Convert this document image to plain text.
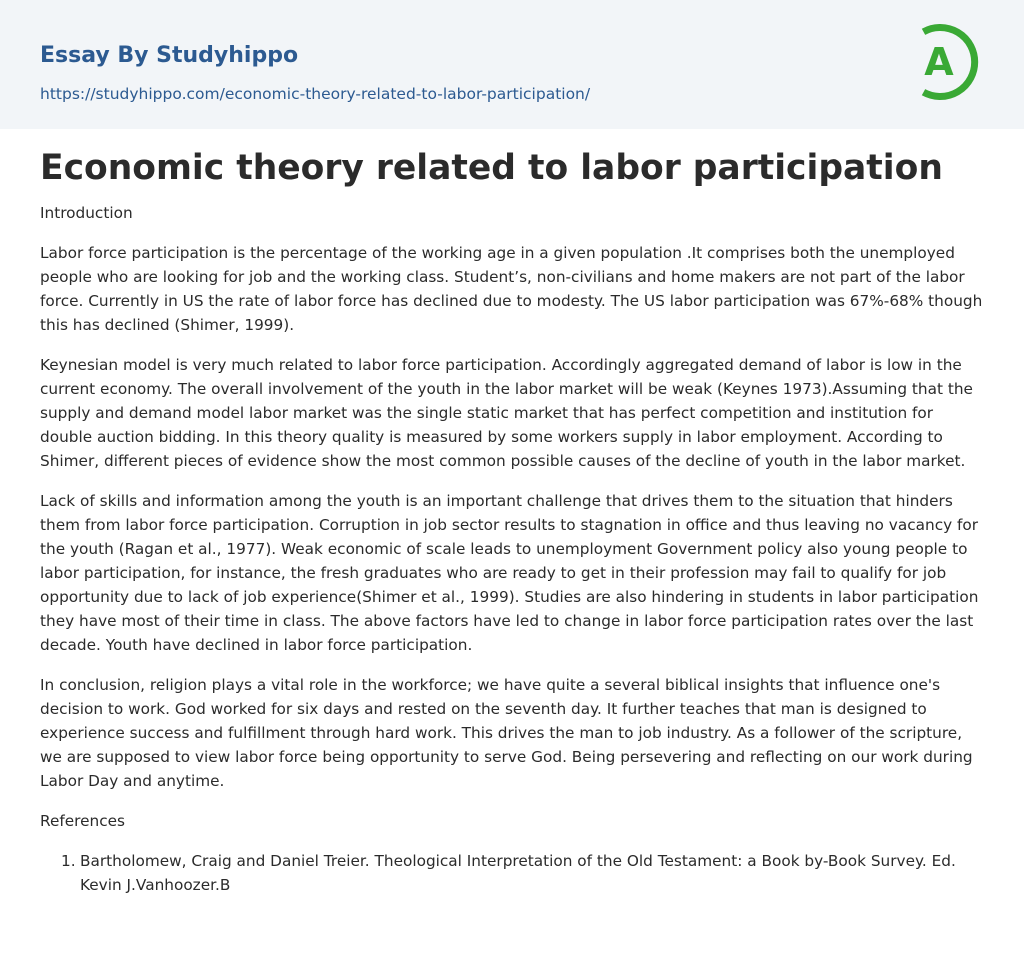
Essay By Studyhippo
https://studyhippo.com/economic-theory-related-to-labor-participation/
A
Economic theory related to labor participation

Introduction

Labor force participation is the percentage of the working age in a given population .It comprises both the unemployed people who are looking for job and the working class. Student’s, non-civilians and home makers are not part of the labor force. Currently in US the rate of labor force has declined due to modesty. The US labor participation was 67%-68% though this has declined (Shimer, 1999).

Keynesian model is very much related to labor force participation. Accordingly aggregated demand of labor is low in the current economy. The overall involvement of the youth in the labor market will be weak (Keynes 1973).Assuming that the supply and demand model labor market was the single static market that has perfect competition and institution for double auction bidding. In this theory quality is measured by some workers supply in labor employment. According to Shimer, different pieces of evidence show the most common possible causes of the decline of youth in the labor market.

Lack of skills and information among the youth is an important challenge that drives them to the situation that hinders them from labor force participation. Corruption in job sector results to stagnation in office and thus leaving no vacancy for the youth (Ragan et al., 1977). Weak economic of scale leads to unemployment Government policy also young people to labor participation, for instance, the fresh graduates who are ready to get in their profession may fail to qualify for job opportunity due to lack of job experience(Shimer et al., 1999). Studies are also hindering in students in labor participation they have most of their time in class. The above factors have led to change in labor force participation rates over the last decade. Youth have declined in labor force participation.

In conclusion, religion plays a vital role in the workforce; we have quite a several biblical insights that influence one's decision to work. God worked for six days and rested on the seventh day. It further teaches that man is designed to experience success and fulfillment through hard work. This drives the man to job industry. As a follower of the scripture, we are supposed to view labor force being opportunity to serve God. Being persevering and reflecting on our work during Labor Day and anytime.

References

1. Bartholomew, Craig and Daniel Treier. Theological Interpretation of the Old Testament: a Book by-Book Survey. Ed. Kevin J.Vanhoozer.B
